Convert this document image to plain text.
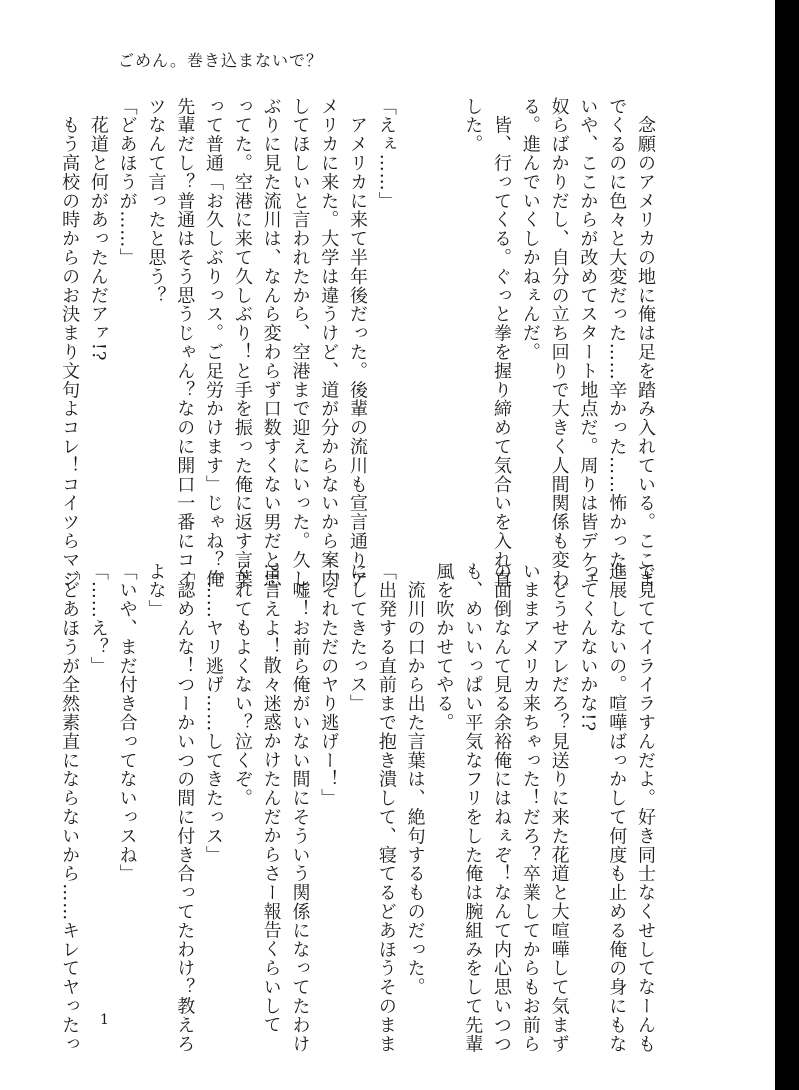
ごめん。巻き込まないで？
　念願のアメリカの地に俺は足を踏み入れている。ここま
でくるのに色々と大変だった……辛かった……怖かった。
いや、ここからが改めてスタート地点だ。周りは皆デケェ
奴らばかりだし、自分の立ち回りで大きく人間関係も変わ
る。進んでいくしかねぇんだ。
　皆、行ってくる。ぐっと拳を握り締めて気合いを入れ直
した。
「えぇ……」
　アメリカに来て半年後だった。後輩の流川も宣言通りア
メリカに来た。大学は違うけど、道が分からないから案内
してほしいと言われたから、空港まで迎えにいった。久し
ぶりに見た流川は、なんら変わらず口数すくない男だと思
ってた。空港に来て久しぶり！と手を振った俺に返す言葉
って普通「お久しぶりっス。ご足労かけます」じゃね？俺
先輩だし？普通はそう思うじゃん？なのに開口一番にコイ
ツなんて言ったと思う？
「どあほうが……」
　花道と何があったんだアァ!?
　もう高校の時からのお決まり文句よコレ！コイツらマジ
で見ててイライラすんだよ。好き同士なくせしてなーんも
進展しないの。喧嘩ばっかして何度も止める俺の身にもな
ってくんないかな!?
　どうせアレだろ？見送りに来た花道と大喧嘩して気まず
いままアメリカ来ちゃった！だろ？卒業してからもお前ら
の面倒なんて見る余裕俺にはねぇぞ！なんて内心思いつつ
も、めいいっぱい平気なフリをした俺は腕組みをして先輩
風を吹かせてやる。
　流川の口から出た言葉は、絶句するものだった。
「出発する直前まで抱き潰して、寝てるどあほうそのまま
にしてきたっス」
「それただのヤり逃げー！」
　嘘！お前ら俺がいない間にそういう関係になってたわけ
?!言えよ！散々迷惑かけたんだからさー報告くらいして
くれてもよくない？泣くぞ。
「……ヤリ逃げ……してきたっス」
「認めんな！つーかいつの間に付き合ってたわけ？教えろ
よな」
「いや、まだ付き合ってないっスね」
「……え？」
「どあほうが全然素直にならないから……キレてヤったっ 1
